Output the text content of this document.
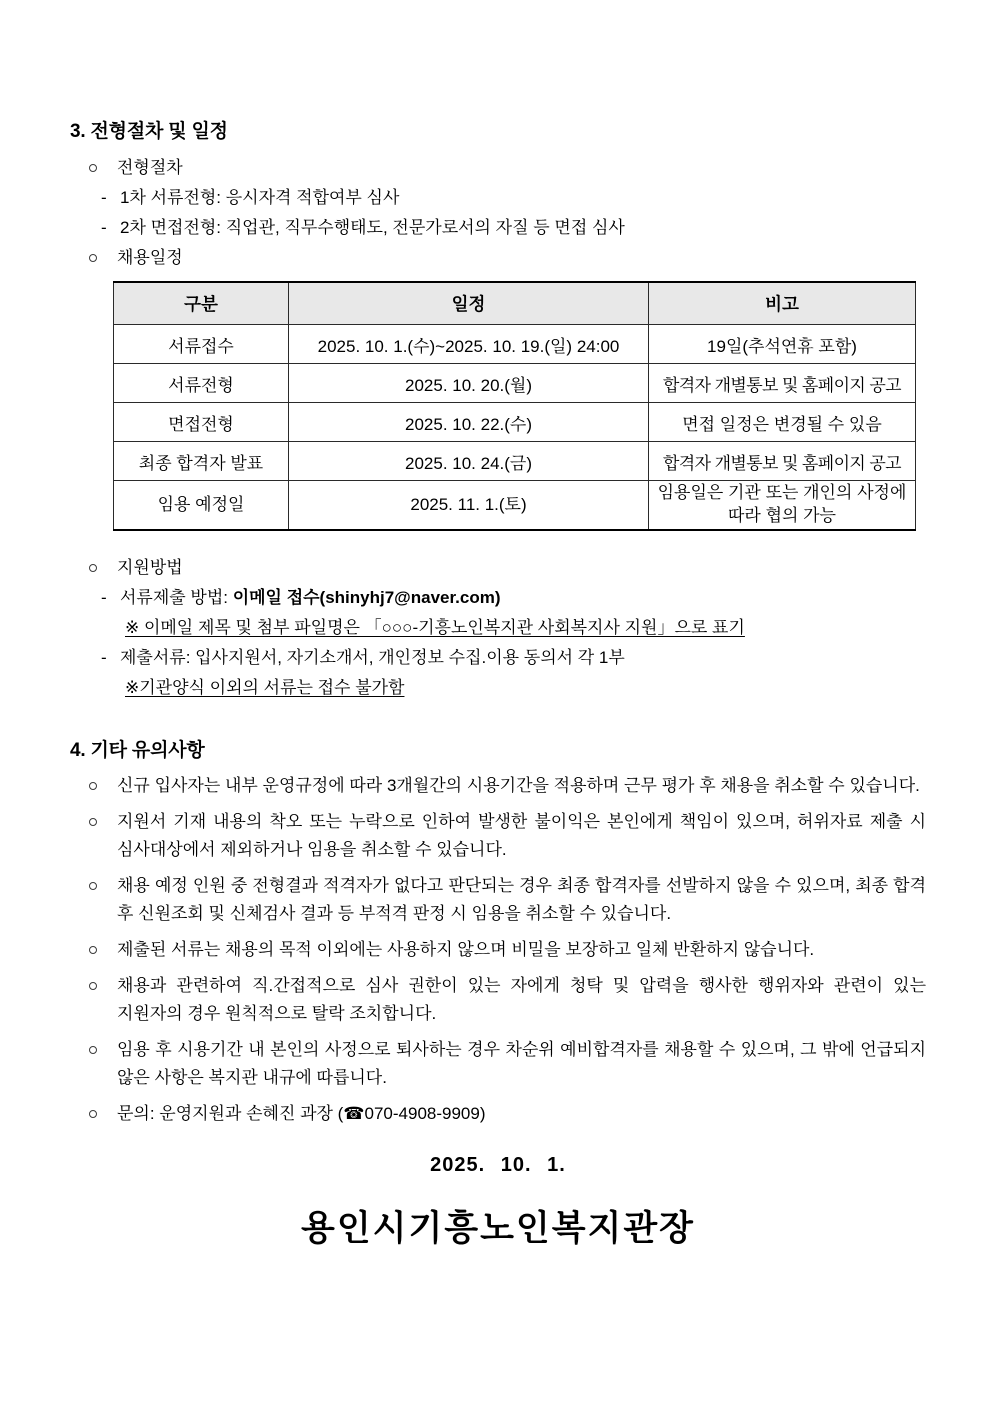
3. 전형절차 및 일정
전형절차
- 1차 서류전형: 응시자격 적합여부 심사
- 2차 면접전형: 직업관, 직무수행태도, 전문가로서의 자질 등 면접 심사
채용일정
구분	일정	비고
서류접수	2025. 10. 1.(수)~2025. 10. 19.(일) 24:00	19일(추석연휴 포함)
서류전형	2025. 10. 20.(월)	합격자 개별통보 및 홈페이지 공고
면접전형	2025. 10. 22.(수)	면접 일정은 변경될 수 있음
최종 합격자 발표	2025. 10. 24.(금)	합격자 개별통보 및 홈페이지 공고
임용 예정일	2025. 11. 1.(토)	임용일은 기관 또는 개인의 사정에 따라 협의 가능
지원방법
- 서류제출 방법: 이메일 접수(shinyhj7@naver.com)
※ 이메일 제목 및 첨부 파일명은 「○○○-기흥노인복지관 사회복지사 지원」으로 표기
- 제출서류: 입사지원서, 자기소개서, 개인정보 수집.이용 동의서 각 1부
※기관양식 이외의 서류는 접수 불가함
4. 기타 유의사항
신규 입사자는 내부 운영규정에 따라 3개월간의 시용기간을 적용하며 근무 평가 후 채용을 취소할 수 있습니다.
지원서 기재 내용의 착오 또는 누락으로 인하여 발생한 불이익은 본인에게 책임이 있으며, 허위자료 제출 시 심사대상에서 제외하거나 임용을 취소할 수 있습니다.
채용 예정 인원 중 전형결과 적격자가 없다고 판단되는 경우 최종 합격자를 선발하지 않을 수 있으며, 최종 합격 후 신원조회 및 신체검사 결과 등 부적격 판정 시 임용을 취소할 수 있습니다.
제출된 서류는 채용의 목적 이외에는 사용하지 않으며 비밀을 보장하고 일체 반환하지 않습니다.
채용과 관련하여 직.간접적으로 심사 권한이 있는 자에게 청탁 및 압력을 행사한 행위자와 관련이 있는 지원자의 경우 원칙적으로 탈락 조치합니다.
임용 후 시용기간 내 본인의 사정으로 퇴사하는 경우 차순위 예비합격자를 채용할 수 있으며, 그 밖에 언급되지 않은 사항은 복지관 내규에 따릅니다.
문의: 운영지원과 손혜진 과장 (☎070-4908-9909)
2025. 10. 1.
용인시기흥노인복지관장
